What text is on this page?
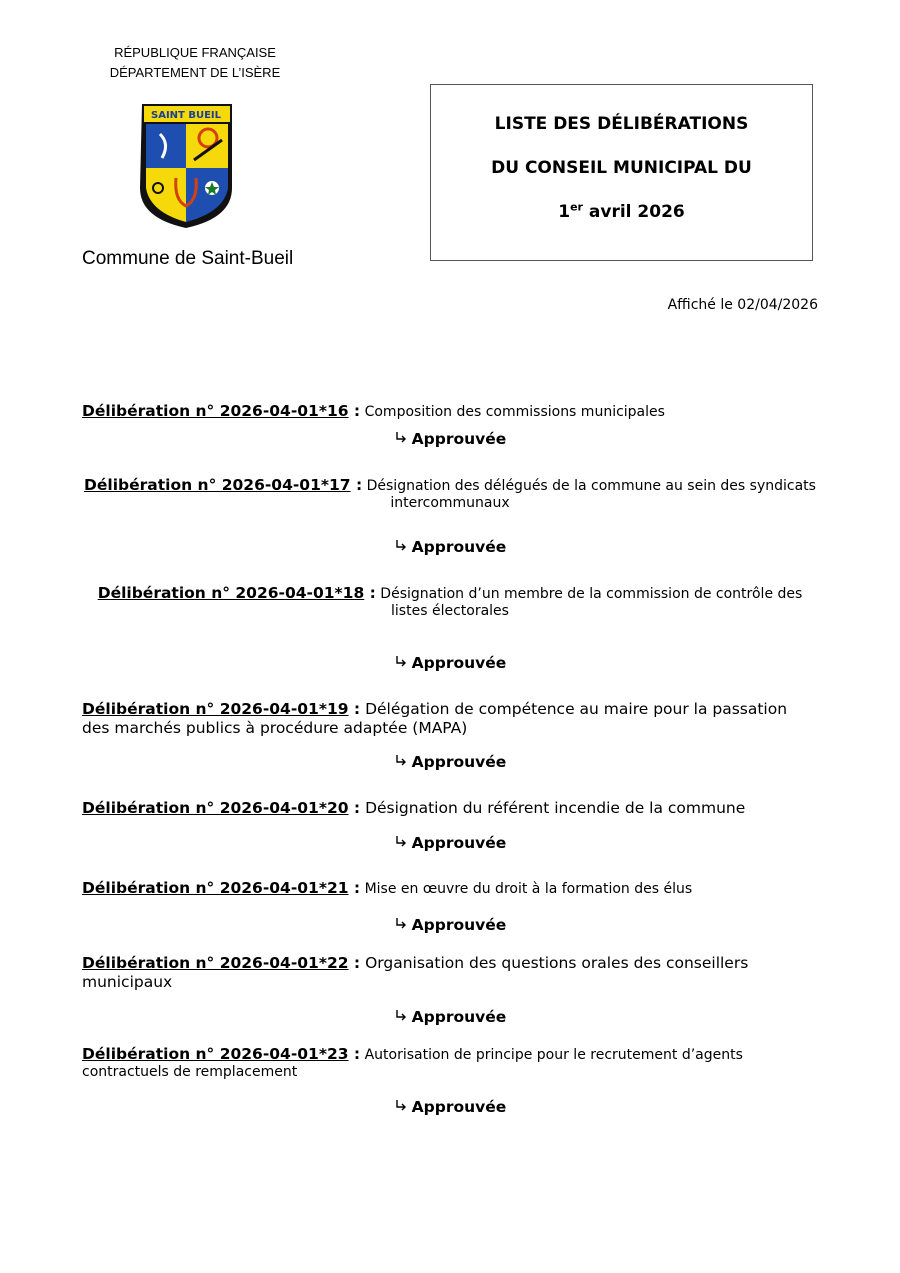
RÉPUBLIQUE FRANÇAISE
DÉPARTEMENT DE L’ISÈRE
SAINT BUEIL
Commune de Saint-Bueil
LISTE DES DÉLIBÉRATIONS
DU CONSEIL MUNICIPAL DU
1er avril 2026
Affiché le 02/04/2026
Délibération n° 2026-04-01*16 : Composition des commissions municipales
Approuvée
Délibération n° 2026-04-01*17 : Désignation des délégués de la commune au sein des syndicats intercommunaux
Approuvée
Délibération n° 2026-04-01*18 : Désignation d’un membre de la commission de contrôle des listes électorales
Approuvée
Délibération n° 2026-04-01*19 : Délégation de compétence au maire pour la passation des marchés publics à procédure adaptée (MAPA)
Approuvée
Délibération n° 2026-04-01*20 : Désignation du référent incendie de la commune
Approuvée
Délibération n° 2026-04-01*21 : Mise en œuvre du droit à la formation des élus
Approuvée
Délibération n° 2026-04-01*22 : Organisation des questions orales des conseillers municipaux
Approuvée
Délibération n° 2026-04-01*23 : Autorisation de principe pour le recrutement d’agents contractuels de remplacement
Approuvée
